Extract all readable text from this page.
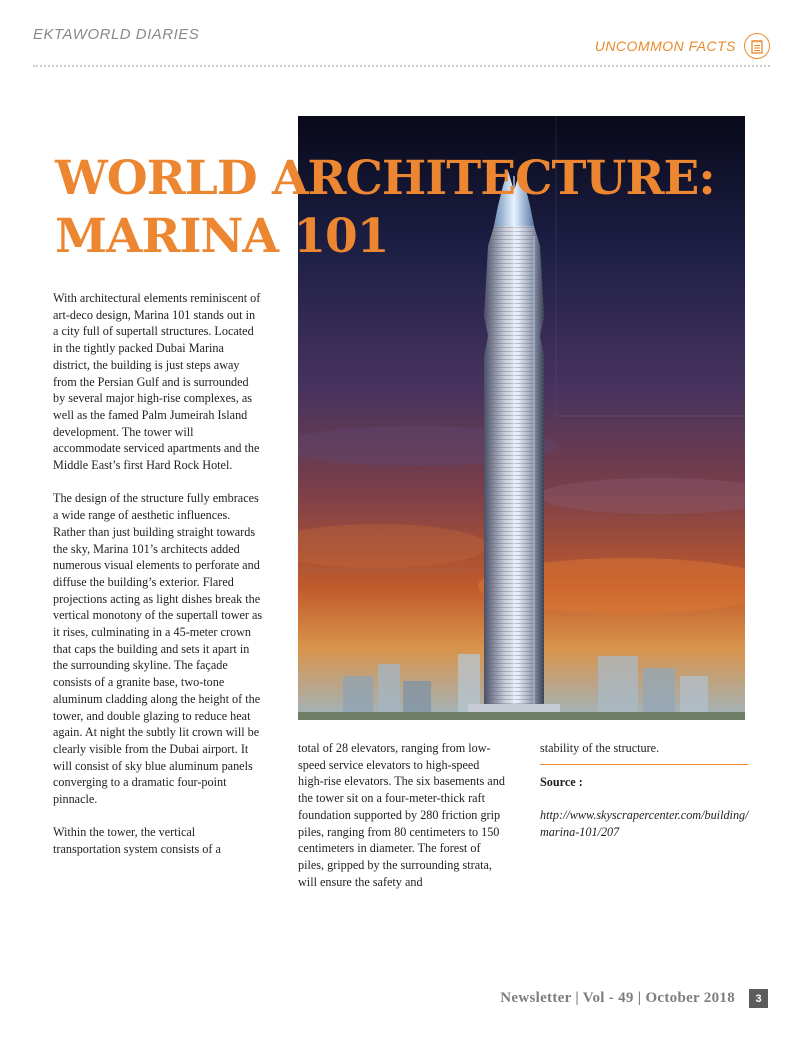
EKTAWORLD DIARIES
UNCOMMON FACTS
WORLD ARCHITECTURE:
MARINA 101

With architectural elements reminiscent of art-deco design, Marina 101 stands out in a city full of supertall structures. Located in the tightly packed Dubai Marina district, the building is just steps away from the Persian Gulf and is surrounded by several major high-rise complexes, as well as the famed Palm Jumeirah Island development. The tower will accommodate serviced apartments and the Middle East’s first Hard Rock Hotel.

The design of the structure fully embraces a wide range of aesthetic influences. Rather than just building straight towards the sky, Marina 101’s architects added numerous visual elements to perforate and diffuse the building’s exterior. Flared projections acting as light dishes break the vertical monotony of the supertall tower as it rises, culminating in a 45-meter crown that caps the building and sets it apart in the surrounding skyline. The façade consists of a granite base, two-tone aluminum cladding along the height of the tower, and double glazing to reduce heat again. At night the subtly lit crown will be clearly visible from the Dubai airport. It will consist of sky blue aluminum panels converging to a dramatic four-point pinnacle.

Within the tower, the vertical transportation system consists of a

total of 28 elevators, ranging from low-speed service elevators to high-speed high-rise elevators. The six basements and the tower sit on a four-meter-thick raft foundation supported by 280 friction grip piles, ranging from 80 centimeters to 150 centimeters in diameter. The forest of piles, gripped by the surrounding strata, will ensure the safety and

stability of the structure.

Source :

http://www.skyscrapercenter.com/building/marina-101/207

Newsletter | Vol - 49 | October 2018	3
